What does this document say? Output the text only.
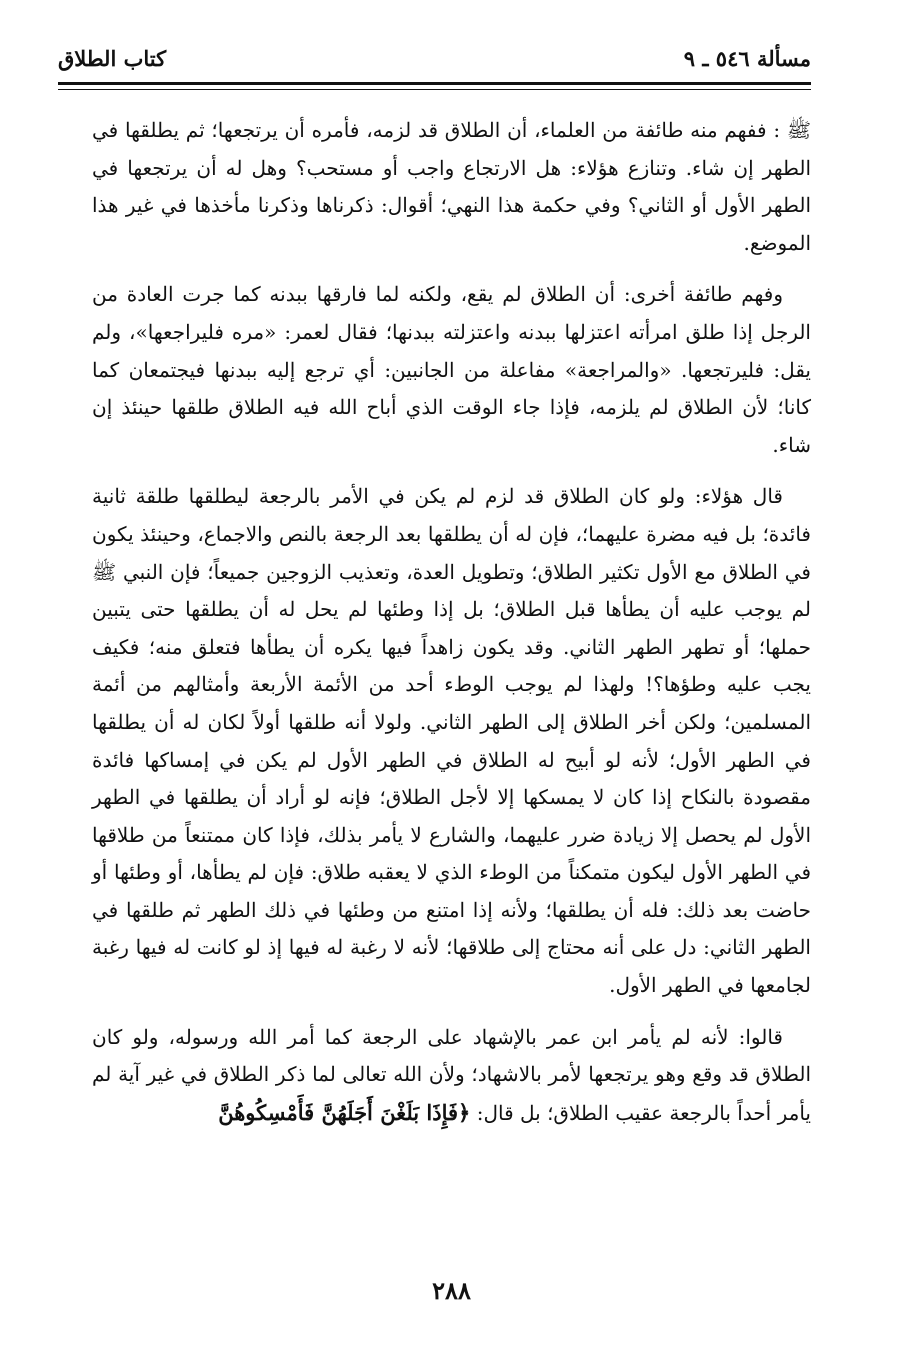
مسألة ٥٤٦ ـ ٩
كتاب الطلاق

ﷺ : ففهم منه طائفة من العلماء، أن الطلاق قد لزمه، فأمره أن يرتجعها؛ ثم يطلقها في الطهر إن شاء. وتنازع هؤلاء: هل الارتجاع واجب أو مستحب؟ وهل له أن يرتجعها في الطهر الأول أو الثاني؟ وفي حكمة هذا النهي؛ أقوال: ذكرناها وذكرنا مأخذها في غير هذا الموضع.

وفهم طائفة أخرى: أن الطلاق لم يقع، ولكنه لما فارقها ببدنه كما جرت العادة من الرجل إذا طلق امرأته اعتزلها ببدنه واعتزلته ببدنها؛ فقال لعمر: «مره فليراجعها»، ولم يقل: فليرتجعها. «والمراجعة» مفاعلة من الجانبين: أي ترجع إليه ببدنها فيجتمعان كما كانا؛ لأن الطلاق لم يلزمه، فإذا جاء الوقت الذي أباح الله فيه الطلاق طلقها حينئذ إن شاء.

قال هؤلاء: ولو كان الطلاق قد لزم لم يكن في الأمر بالرجعة ليطلقها طلقة ثانية فائدة؛ بل فيه مضرة عليهما؛، فإن له أن يطلقها بعد الرجعة بالنص والاجماع، وحينئذ يكون في الطلاق مع الأول تكثير الطلاق؛ وتطويل العدة، وتعذيب الزوجين جميعاً؛ فإن النبي ﷺ لم يوجب عليه أن يطأها قبل الطلاق؛ بل إذا وطئها لم يحل له أن يطلقها حتى يتبين حملها؛ أو تطهر الطهر الثاني. وقد يكون زاهداً فيها يكره أن يطأها فتعلق منه؛ فكيف يجب عليه وطؤها؟! ولهذا لم يوجب الوطء أحد من الأئمة الأربعة وأمثالهم من أئمة المسلمين؛ ولكن أخر الطلاق إلى الطهر الثاني. ولولا أنه طلقها أولاً لكان له أن يطلقها في الطهر الأول؛ لأنه لو أبيح له الطلاق في الطهر الأول لم يكن في إمساكها فائدة مقصودة بالنكاح إذا كان لا يمسكها إلا لأجل الطلاق؛ فإنه لو أراد أن يطلقها في الطهر الأول لم يحصل إلا زيادة ضرر عليهما، والشارع لا يأمر بذلك، فإذا كان ممتنعاً من طلاقها في الطهر الأول ليكون متمكناً من الوطء الذي لا يعقبه طلاق: فإن لم يطأها، أو وطئها أو حاضت بعد ذلك: فله أن يطلقها؛ ولأنه إذا امتنع من وطئها في ذلك الطهر ثم طلقها في الطهر الثاني: دل على أنه محتاج إلى طلاقها؛ لأنه لا رغبة له فيها إذ لو كانت له فيها رغبة لجامعها في الطهر الأول.

قالوا: لأنه لم يأمر ابن عمر بالإشهاد على الرجعة كما أمر الله ورسوله، ولو كان الطلاق قد وقع وهو يرتجعها لأمر بالاشهاد؛ ولأن الله تعالى لما ذكر الطلاق في غير آية لم يأمر أحداً بالرجعة عقيب الطلاق؛ بل قال: ﴿فَإِذَا بَلَغْنَ أَجَلَهُنَّ فَأَمْسِكُوهُنَّ

٢٨٨
